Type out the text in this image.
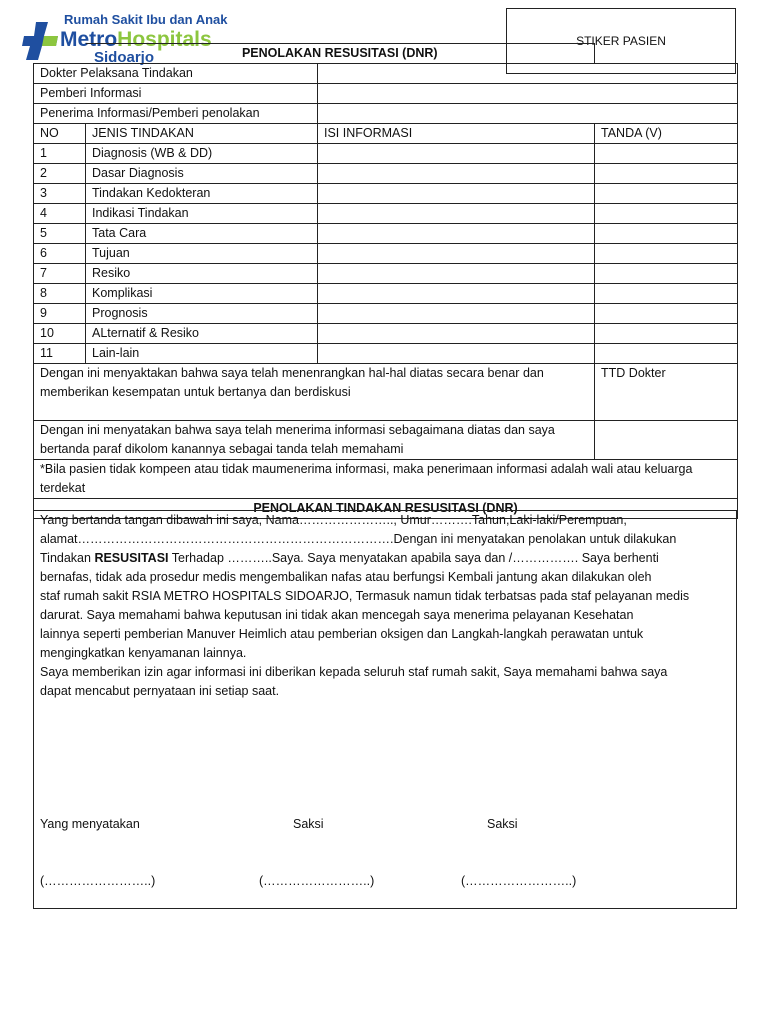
Rumah Sakit Ibu dan Anak
MetroHospitals
Sidoarjo
STIKER PASIEN
	PENOLAKAN RESUSITASI (DNR)		
Dokter Pelaksana Tindakan			
Pemberi Informasi			
Penerima Informasi/Pemberi penolakan			
NO	JENIS TINDAKAN	ISI INFORMASI	TANDA (V)
1	Diagnosis (WB & DD)		
2	Dasar Diagnosis		
3	Tindakan Kedokteran		
4	Indikasi Tindakan		
5	Tata Cara		
6	Tujuan		
7	Resiko		
8	Komplikasi		
9	Prognosis		
10	ALternatif & Resiko		
11	Lain-lain		
Dengan ini menyaktakan bahwa saya telah menenrangkan hal-hal diatas secara benar dan memberikan kesempatan untuk bertanya dan berdiskusi			TTD Dokter
Dengan ini menyatakan bahwa saya telah menerima informasi sebagaimana diatas dan saya bertanda paraf dikolom kanannya sebagai tanda telah memahami			
*Bila pasien tidak kompeen atau tidak maumenerima informasi, maka penerimaan informasi adalah wali atau keluarga terdekat			
PENOLAKAN TINDAKAN RESUSITASI (DNR)			

Yang bertanda tangan dibawah ini saya, Nama………………….., Umur……….Tahun,Laki-laki/Perempuan,

alamat………………………………………………………………….Dengan ini menyatakan penolakan untuk dilakukan

Tindakan RESUSITASI Terhadap ………..Saya. Saya menyatakan apabila saya dan /……………. Saya berhenti

bernafas, tidak ada prosedur medis mengembalikan nafas atau berfungsi Kembali jantung akan dilakukan oleh

staf rumah sakit RSIA METRO HOSPITALS SIDOARJO, Termasuk namun tidak terbatsas pada staf pelayanan medis

darurat. Saya memahami bahwa keputusan ini tidak akan mencegah saya menerima pelayanan Kesehatan

lainnya seperti pemberian Manuver Heimlich atau pemberian oksigen dan Langkah-langkah perawatan untuk

mengingkatkan kenyamanan lainnya.

Saya memberikan izin agar informasi ini diberikan kepada seluruh staf rumah sakit, Saya memahami bahwa saya

dapat mencabut pernyataan ini setiap saat.

Yang menyatakan	Saksi	Saksi
(……………………..)	(……………………..)	(……………………..)
